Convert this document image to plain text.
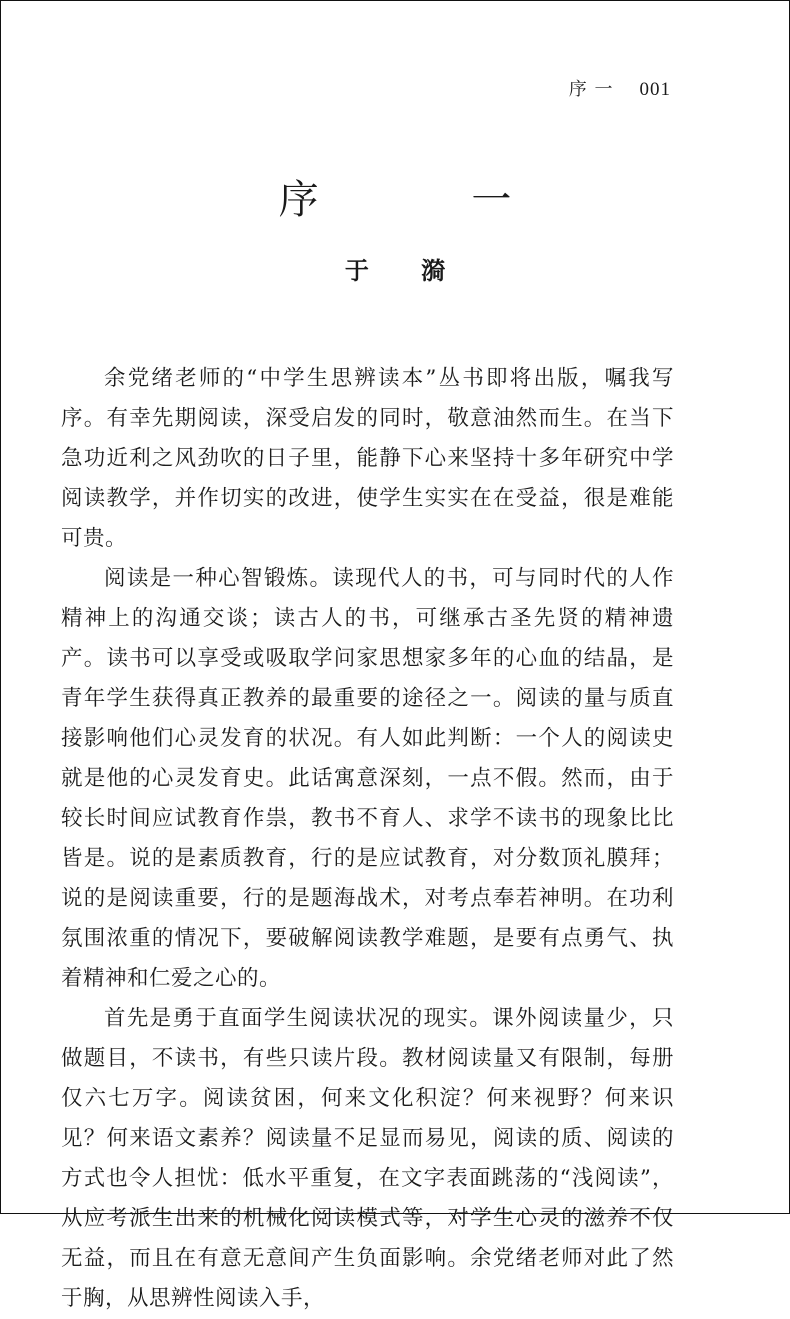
序 一 001
序 一
于 漪

余党绪老师的“中学生思辨读本”丛书即将出版，嘱我写序。有幸先期阅读，深受启发的同时，敬意油然而生。在当下急功近利之风劲吹的日子里，能静下心来坚持十多年研究中学阅读教学，并作切实的改进，使学生实实在在受益，很是难能可贵。

阅读是一种心智锻炼。读现代人的书，可与同时代的人作精神上的沟通交谈；读古人的书，可继承古圣先贤的精神遗产。读书可以享受或吸取学问家思想家多年的心血的结晶，是青年学生获得真正教养的最重要的途径之一。阅读的量与质直接影响他们心灵发育的状况。有人如此判断：一个人的阅读史就是他的心灵发育史。此话寓意深刻，一点不假。然而，由于较长时间应试教育作祟，教书不育人、求学不读书的现象比比皆是。说的是素质教育，行的是应试教育，对分数顶礼膜拜；说的是阅读重要，行的是题海战术，对考点奉若神明。在功利氛围浓重的情况下，要破解阅读教学难题，是要有点勇气、执着精神和仁爱之心的。

首先是勇于直面学生阅读状况的现实。课外阅读量少，只做题目，不读书，有些只读片段。教材阅读量又有限制，每册仅六七万字。阅读贫困，何来文化积淀？何来视野？何来识见？何来语文素养？阅读量不足显而易见，阅读的质、阅读的方式也令人担忧：低水平重复，在文字表面跳荡的“浅阅读”，从应考派生出来的机械化阅读模式等，对学生心灵的滋养不仅无益，而且在有意无意间产生负面影响。余党绪老师对此了然于胸，从思辨性阅读入手，
